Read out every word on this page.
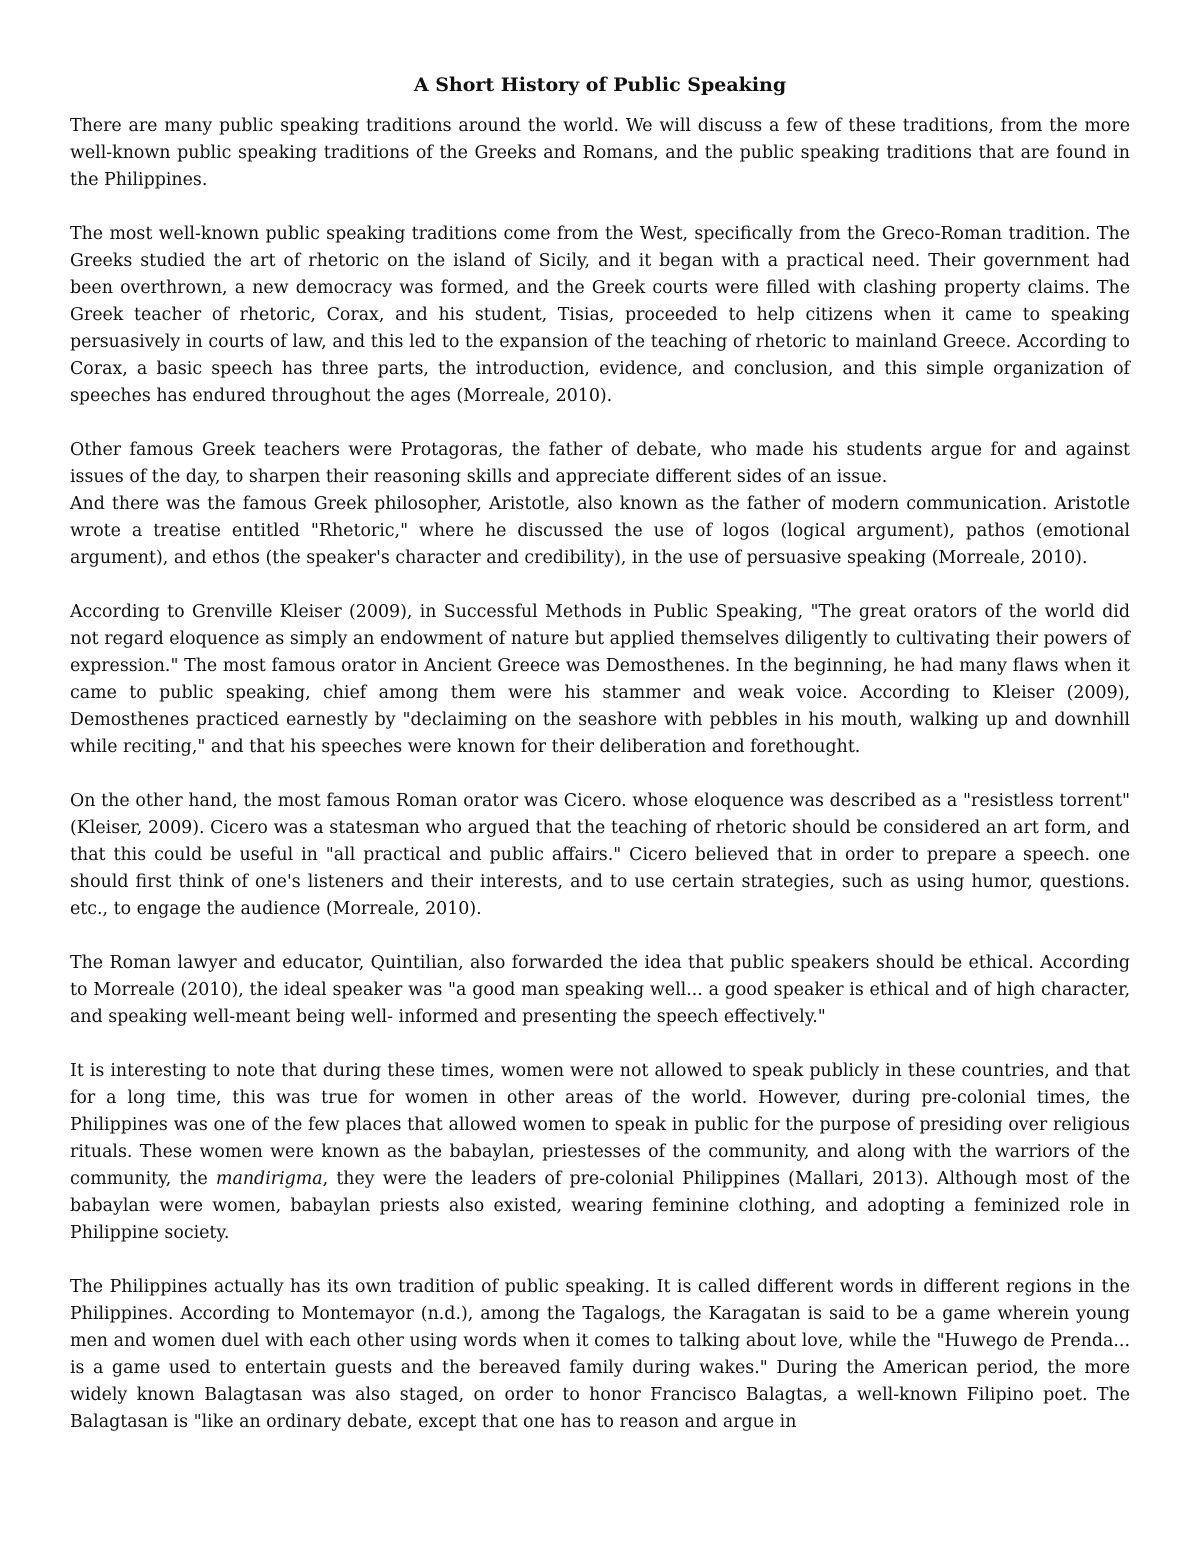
A Short History of Public Speaking

There are many public speaking traditions around the world. We will discuss a few of these traditions, from the more well-known public speaking traditions of the Greeks and Romans, and the public speaking traditions that are found in the Philippines.

The most well-known public speaking traditions come from the West, specifically from the Greco-Roman tradition. The Greeks studied the art of rhetoric on the island of Sicily, and it began with a practical need. Their government had been overthrown, a new democracy was formed, and the Greek courts were filled with clashing property claims. The Greek teacher of rhetoric, Corax, and his student, Tisias, proceeded to help citizens when it came to speaking persuasively in courts of law, and this led to the expansion of the teaching of rhetoric to mainland Greece. According to Corax, a basic speech has three parts, the introduction, evidence, and conclusion, and this simple organization of speeches has endured throughout the ages (Morreale, 2010).

Other famous Greek teachers were Protagoras, the father of debate, who made his students argue for and against issues of the day, to sharpen their reasoning skills and appreciate different sides of an issue.

And there was the famous Greek philosopher, Aristotle, also known as the father of modern communication. Aristotle wrote a treatise entitled "Rhetoric," where he discussed the use of logos (logical argument), pathos (emotional argument), and ethos (the speaker's character and credibility), in the use of persuasive speaking (Morreale, 2010).

According to Grenville Kleiser (2009), in Successful Methods in Public Speaking, "The great orators of the world did not regard eloquence as simply an endowment of nature but applied themselves diligently to cultivating their powers of expression." The most famous orator in Ancient Greece was Demosthenes. In the beginning, he had many flaws when it came to public speaking, chief among them were his stammer and weak voice. According to Kleiser (2009), Demosthenes practiced earnestly by "declaiming on the seashore with pebbles in his mouth, walking up and downhill while reciting," and that his speeches were known for their deliberation and forethought.

On the other hand, the most famous Roman orator was Cicero. whose eloquence was described as a "resistless torrent" (Kleiser, 2009). Cicero was a statesman who argued that the teaching of rhetoric should be considered an art form, and that this could be useful in "all practical and public affairs." Cicero believed that in order to prepare a speech. one should first think of one's listeners and their interests, and to use certain strategies, such as using humor, questions. etc., to engage the audience (Morreale, 2010).

The Roman lawyer and educator, Quintilian, also forwarded the idea that public speakers should be ethical. According to Morreale (2010), the ideal speaker was "a good man speaking well... a good speaker is ethical and of high character, and speaking well-meant being well- informed and presenting the speech effectively."

It is interesting to note that during these times, women were not allowed to speak publicly in these countries, and that for a long time, this was true for women in other areas of the world. However, during pre-colonial times, the Philippines was one of the few places that allowed women to speak in public for the purpose of presiding over religious rituals. These women were known as the babaylan, priestesses of the community, and along with the warriors of the community, the mandirigma, they were the leaders of pre-colonial Philippines (Mallari, 2013). Although most of the babaylan were women, babaylan priests also existed, wearing feminine clothing, and adopting a feminized role in Philippine society.

The Philippines actually has its own tradition of public speaking. It is called different words in different regions in the Philippines. According to Montemayor (n.d.), among the Tagalogs, the Karagatan is said to be a game wherein young men and women duel with each other using words when it comes to talking about love, while the "Huwego de Prenda... is a game used to entertain guests and the bereaved family during wakes." During the American period, the more widely known Balagtasan was also staged, on order to honor Francisco Balagtas, a well-known Filipino poet. The Balagtasan is "like an ordinary debate, except that one has to reason and argue in
